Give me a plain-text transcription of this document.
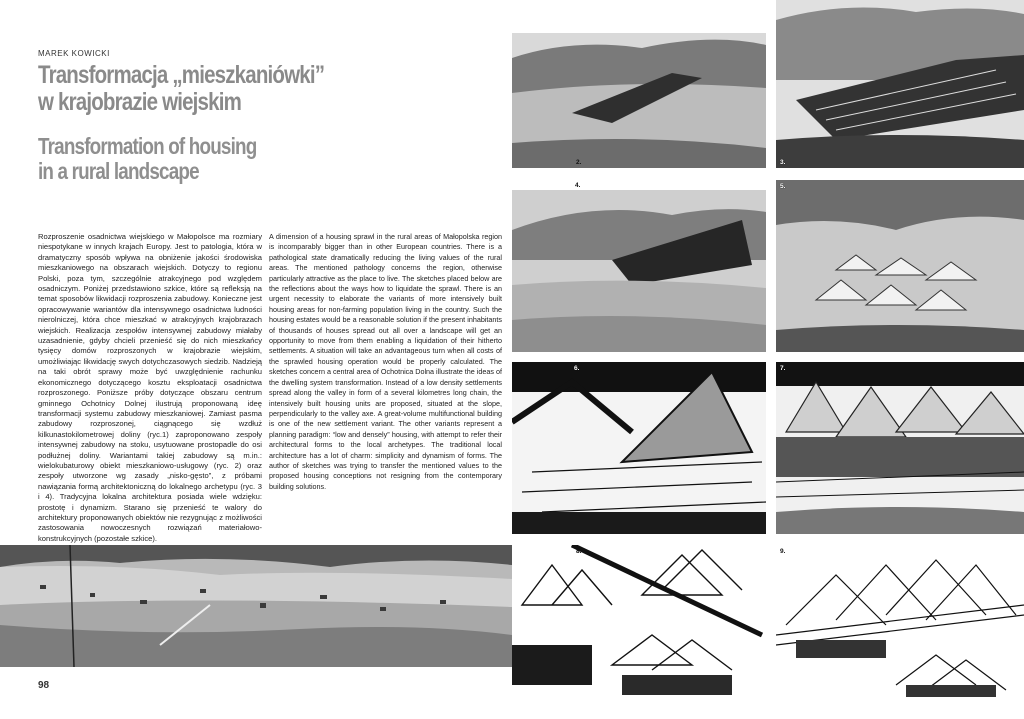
MAREK KOWICKI
Transformacja „mieszkaniówki”
w krajobrazie wiejskim
Transformation of housing
in a rural landscape
Rozproszenie osadnictwa wiejskiego w Małopolsce ma rozmiary niespotykane w innych krajach Europy. Jest to patologia, która w dramatyczny sposób wpływa na obniżenie jakości środowiska mieszkaniowego na obszarach wiejskich. Dotyczy to regionu Polski, poza tym, szczególnie atrakcyjnego pod względem osadniczym. Poniżej przedstawiono szkice, które są refleksją na temat sposobów likwidacji rozproszenia zabudowy. Konieczne jest opracowywanie wariantów dla intensywnego osadnictwa ludności nierolniczej, która chce mieszkać w atrakcyjnych krajobrazach wiejskich. Realizacja zespołów intensywnej zabudowy miałaby uzasadnienie, gdyby chcieli przenieść się do nich mieszkańcy tysięcy domów rozproszonych w krajobrazie wiejskim, umożliwiając likwidację swych dotychczasowych siedzib. Nadzieją na taki obrót sprawy może być uwzględnienie rachunku ekonomicznego dotyczącego kosztu eksploatacji osadnictwa rozproszonego. Poniższe próby dotyczące obszaru centrum gminnego Ochotnicy Dolnej ilustrują proponowaną ideę transformacji systemu zabudowy mieszkaniowej. Zamiast pasma zabudowy rozproszonej, ciągnącego się wzdłuż kilkunastokilometrowej doliny (ryc.1) zaproponowano zespoły intensywnej zabudowy na stoku, usytuowane prostopadle do osi podłużnej doliny. Wariantami takiej zabudowy są m.in.: wielokubaturowy obiekt mieszkaniowo-usługowy (ryc. 2) oraz zespoły utworzone wg zasady „nisko-gęsto”, z próbami nawiązania formą architektoniczną do lokalnego archetypu (ryc. 3 i 4). Tradycyjna lokalna architektura posiada wiele wdzięku: prostotę i dynamizm. Starano się przenieść te walory do architektury proponowanych obiektów nie rezygnując z możliwości zastosowania nowoczesnych rozwiązań materiałowo-konstrukcyjnych (pozostałe szkice).
A dimension of a housing sprawl in the rural areas of Małopolska region is incomparably bigger than in other European countries. There is a pathological state dramatically reducing the living values of the rural areas. The mentioned pathology concerns the region, otherwise particularly attractive as the place to live. The sketches placed below are the reflections about the ways how to liquidate the sprawl. There is an urgent necessity to elaborate the variants of more intensively built housing areas for non-farming population living in the country. Such the housing estates would be a reasonable solution if the present inhabitants of thousands of houses spread out all over a landscape will get an opportunity to move from them enabling a liquidation of their hitherto settlements. A situation will take an advantageous turn when all costs of the sprawled housing operation would be properly calculated. The sketches concern a central area of Ochotnica Dolna illustrate the ideas of the dwelling system transformation. Instead of a low density settlements spread along the valley in form of a several kilometres long chain, the intensively built housing units are proposed, situated at the slope, perpendicularly to the valley axe. A great-volume multifunctional building is one of the new settlement variant. The other variants represent a planning paradigm: “low and densely” housing, with attempt to refer their architectural forms to the local archetypes. The traditional local architecture has a lot of charm: simplicity and dynamism of forms. The author of sketches was trying to transfer the mentioned values to the proposed housing conceptions not resigning from the contemporary building solutions.
98
2.	3.
4.	5.
6.	7.
8.	9.
